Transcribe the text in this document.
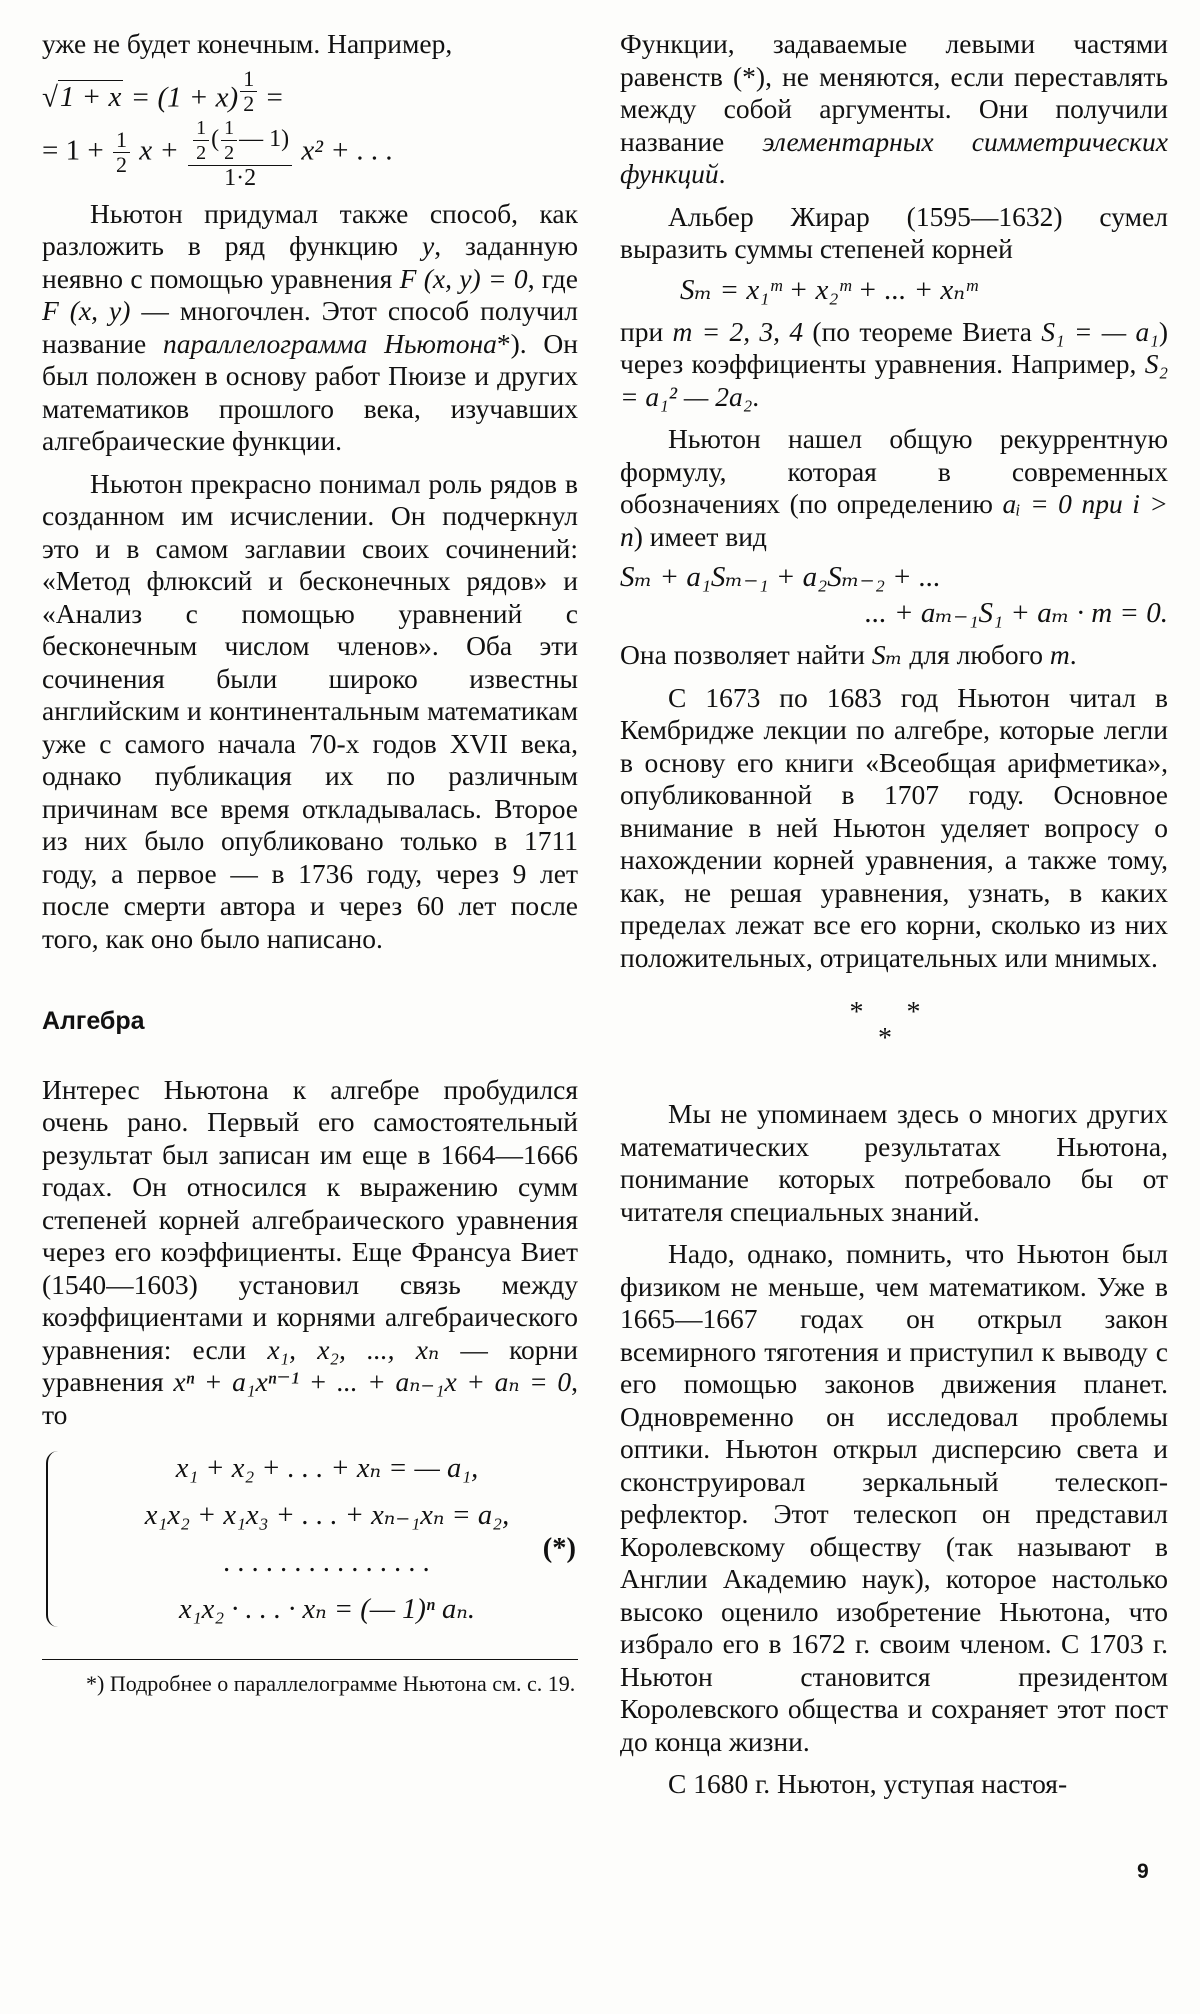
уже не будет конечным. Например,

√1 + x = (1 + x) $^{\frac{1}{2}}$ =
= $1 + \frac{1}{2}$ $x + \frac{\frac{1}{2} ( \frac{1}{2} — 1)}{1\cdot 2} x^2$ + . . .

Ньютон придумал также способ, как разложить в ряд функцию y, заданную неявно с помощью уравнения F (x, y) = 0, где F (x, y) — многочлен. Этот способ получил название параллелограмма Ньютона*). Он был положен в основу работ Пюизе и других математиков прошлого века, изучавших алгебраические функции.

Ньютон прекрасно понимал роль рядов в созданном им исчислении. Он подчеркнул это и в самом заглавии своих сочинений: «Метод флюксий и бесконечных рядов» и «Анализ с помощью уравнений с бесконечным числом членов». Оба эти сочинения были широко известны английским и континентальным математикам уже с самого начала 70-х годов XVII века, однако публикация их по различным причинам все время откладывалась. Второе из них было опубликовано только в 1711 году, а первое — в 1736 году, через 9 лет после смерти автора и через 60 лет после того, как оно было написано.

Алгебра

Интерес Ньютона к алгебре пробудился очень рано. Первый его самостоятельный результат был записан им еще в 1664—1666 годах. Он относился к выражению сумм степеней корней алгебраического уравнения через его коэффициенты. Еще Франсуа Виет (1540—1603) установил связь между коэффициентами и корнями алгебраического уравнения: если x₁, x₂, ..., xₙ — корни уравнения xⁿ + a₁xⁿ⁻¹ + ... + aₙ₋₁x + aₙ = 0, то

x₁ + x₂ + . . . + xₙ = — a₁,
x₁x₂ + x₁x₃ + . . . + xₙ₋₁xₙ = a₂,
. . . . . . . . . . . . . . .
x₁x₂ · . . . · xₙ = (— 1)ⁿ aₙ.
(*)

*) Подробнее о параллелограмме Ньютона см. с. 19.

Функции, задаваемые левыми частями равенств (*), не меняются, если переставлять между собой аргументы. Они получили название элементарных симметрических функций.

Альбер Жирар (1595—1632) сумел выразить суммы степеней корней

Sₘ = x₁ᵐ + x₂ᵐ + ... + xₙᵐ

при m = 2, 3, 4 (по теореме Виета S₁ = — a₁) через коэффициенты уравнения. Например, S₂ = a₁² — 2a₂.

Ньютон нашел общую рекуррентную формулу, которая в современных обозначениях (по определению aᵢ = 0 при i > n) имеет вид

Sₘ + a₁Sₘ₋₁ + a₂Sₘ₋₂ + ...
... + aₘ₋₁S₁ + aₘ · m = 0.

Она позволяет найти Sₘ для любого m.

С 1673 по 1683 год Ньютон читал в Кембридже лекции по алгебре, которые легли в основу его книги «Всеобщая арифметика», опубликованной в 1707 году. Основное внимание в ней Ньютон уделяет вопросу о нахождении корней уравнения, а также тому, как, не решая уравнения, узнать, в каких пределах лежат все его корни, сколько из них положительных, отрицательных или мнимых.

* *
*

Мы не упоминаем здесь о многих других математических результатах Ньютона, понимание которых потребовало бы от читателя специальных знаний.

Надо, однако, помнить, что Ньютон был физиком не меньше, чем математиком. Уже в 1665—1667 годах он открыл закон всемирного тяготения и приступил к выводу с его помощью законов движения планет. Одновременно он исследовал проблемы оптики. Ньютон открыл дисперсию света и сконструировал зеркальный телескоп-рефлектор. Этот телескоп он представил Королевскому обществу (так называют в Англии Академию наук), которое настолько высоко оценило изобретение Ньютона, что избрало его в 1672 г. своим членом. С 1703 г. Ньютон становится президентом Королевского общества и сохраняет этот пост до конца жизни.

С 1680 г. Ньютон, уступая настоя-

9
